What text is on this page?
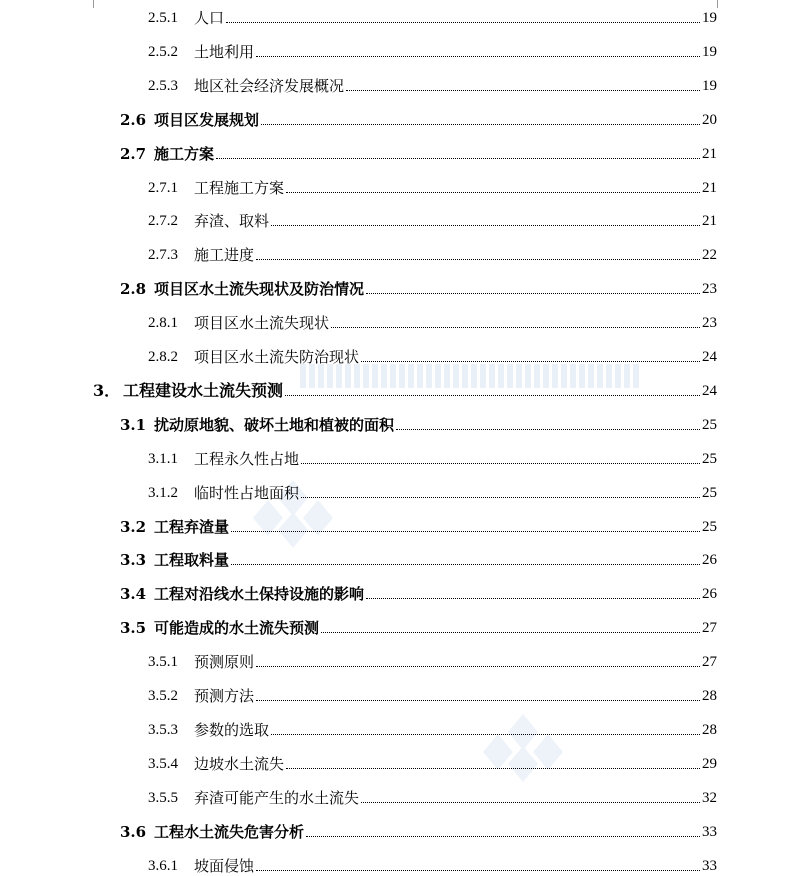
2.5.1	人口	19
2.5.2	土地利用	19
2.5.3	地区社会经济发展概况	19
2.6 项目区发展规划	20
2.7 施工方案	21
2.7.1	工程施工方案	21
2.7.2	弃渣、取料	21
2.7.3	施工进度	22
2.8 项目区水土流失现状及防治情况	23
2.8.1	项目区水土流失现状	23
2.8.2	项目区水土流失防治现状	24
3． 工程建设水土流失预测	24
3.1 扰动原地貌、破坏土地和植被的面积	25
3.1.1	工程永久性占地	25
3.1.2	临时性占地面积	25
3.2 工程弃渣量	25
3.3 工程取料量	26
3.4 工程对沿线水土保持设施的影响	26
3.5 可能造成的水土流失预测	27
3.5.1	预测原则	27
3.5.2	预测方法	28
3.5.3	参数的选取	28
3.5.4	边坡水土流失	29
3.5.5	弃渣可能产生的水土流失	32
3.6 工程水土流失危害分析	33
3.6.1	坡面侵蚀	33
